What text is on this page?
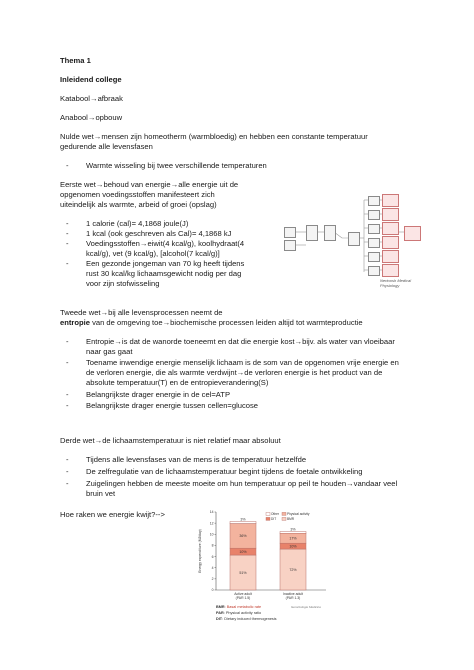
Thema 1
Inleidend college
Katabool→afbraak
Anabool→opbouw
Nulde wet→mensen zijn homeotherm (warmbloedig) en hebben een constante temperatuur
gedurende alle levensfasen
- Warmte wisseling bij twee verschillende temperaturen
Eerste wet→behoud van energie→alle energie uit de
opgenomen voedingsstoffen manifesteert zich
uiteindelijk als warmte, arbeid of groei (opslag)
- 1 calorie (cal)= 4,1868 joule(J)
- 1 kcal (ook geschreven als Cal)= 4,1868 kJ
- Voedingsstoffen→eiwit(4 kcal/g), koolhydraat(4
kcal/g), vet (9 kcal/g), [alcohol(7 kcal/g)]
- Een gezonde jongeman van 70 kg heeft tijdens
rust 30 kcal/kg lichaamsgewicht nodig per dag
voor zijn stofwisseling	Nertoosh Medical Physiology
Tweede wet→bij alle levensprocessen neemt de
entropie van de omgeving toe→biochemische processen leiden altijd tot warmteproductie
- Entropie→is dat de wanorde toeneemt en dat die energie kost→bijv. als water van vloeibaar
naar gas gaat
- Toename inwendige energie menselijk lichaam is de som van de opgenomen vrije energie en
de verloren energie, die als warmte verdwijnt→de verloren energie is het product van de
absolute temperatuur(T) en de entropieverandering(S)
- Belangrijkste drager energie in de cel=ATP
- Belangrijkste drager energie tussen cellen=glucose
Derde wet→de lichaamstemperatuur is niet relatief maar absoluut
- Tijdens alle levensfases van de mens is de temperatuur hetzelfde
- De zelfregulatie van de lichaamstemperatuur begint tijdens de foetale ontwikkeling
- Zuigelingen hebben de meeste moeite om hun temperatuur op peil te houden→vandaar veel
bruin vet
Hoe raken we energie kwijt?-->
0
2
4
6
8
10
12
14
Energy expenditure (MJ/day)
3%
36%
10%
51%
Active adult
(PAR 1.5)
3%
17%
10%
72%
Inactive adult
(PAR 1.3)
Other	Physical activity
DIT	BMR
BMR: Basal metabolic rate
PAR: Physical activity ratio
DIT: Dietary induced thermogenesis
Gerontologie Medicine
